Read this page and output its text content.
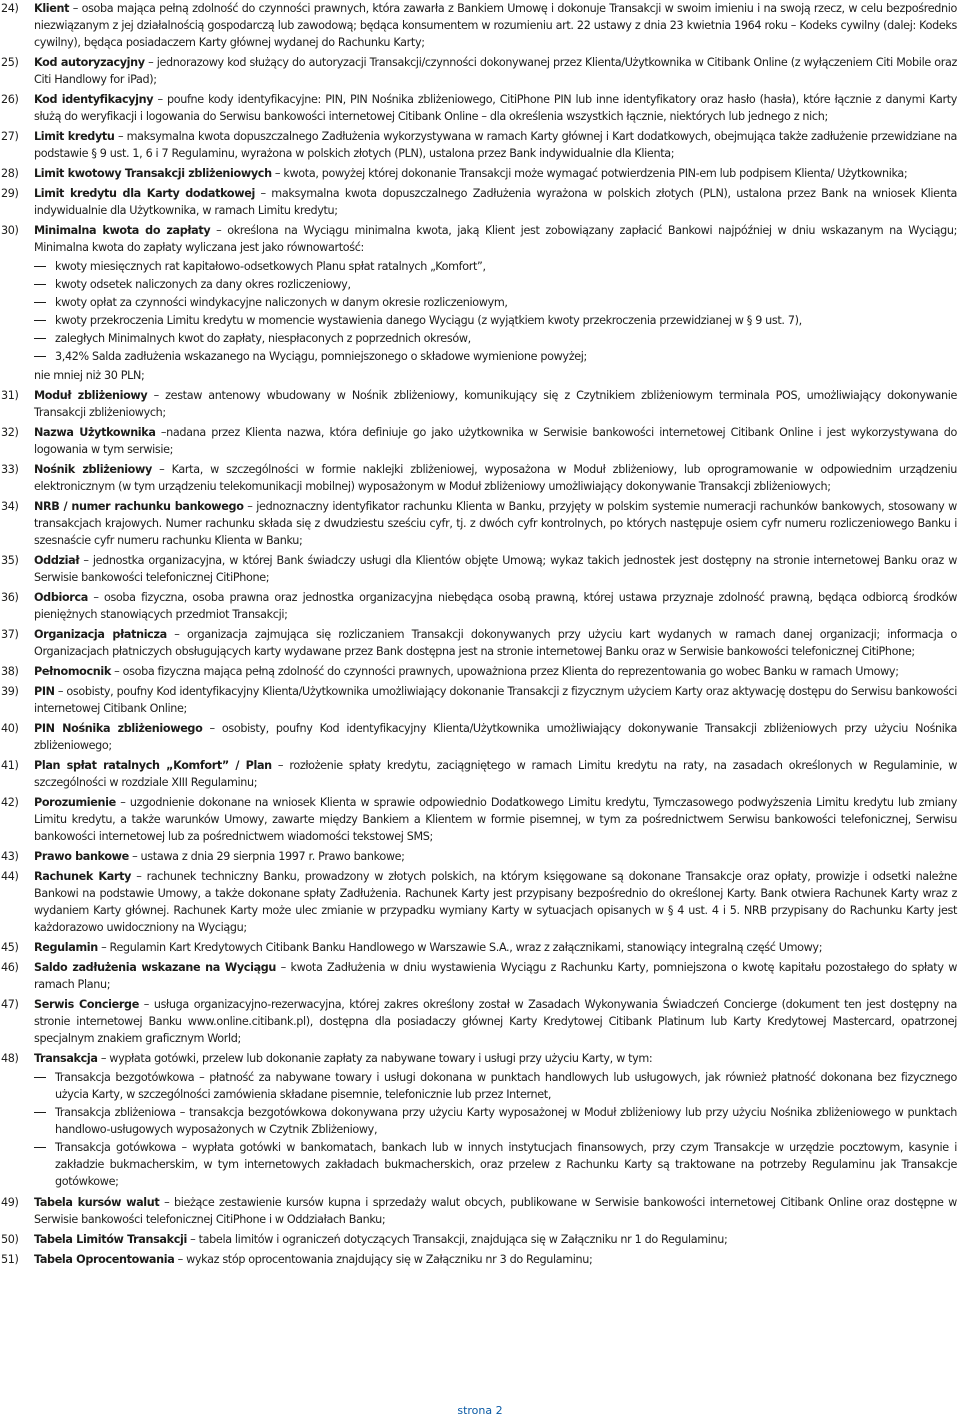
24)	Klient – osoba mająca pełną zdolność do czynności prawnych, która zawarła z Bankiem Umowę i dokonuje Transakcji w swoim imieniu i na swoją rzecz, w celu bezpośrednio niezwiązanym z jej działalnością gospodarczą lub zawodową; będąca konsumentem w rozumieniu art. 22 ustawy z dnia 23 kwietnia 1964 roku – Kodeks cywilny (dalej: Kodeks cywilny), będąca posiadaczem Karty głównej wydanej do Rachunku Karty;
25)	Kod autoryzacyjny – jednorazowy kod służący do autoryzacji Transakcji/czynności dokonywanej przez Klienta/Użytkownika w Citibank Online (z wyłączeniem Citi Mobile oraz Citi Handlowy for iPad);
26)	Kod identyfikacyjny – poufne kody identyfikacyjne: PIN, PIN Nośnika zbliżeniowego, CitiPhone PIN lub inne identyfikatory oraz hasło (hasła), które łącznie z danymi Karty służą do weryfikacji i logowania do Serwisu bankowości internetowej Citibank Online – dla określenia wszystkich łącznie, niektórych lub jednego z nich;
27)	Limit kredytu – maksymalna kwota dopuszczalnego Zadłużenia wykorzystywana w ramach Karty głównej i Kart dodatkowych, obejmująca także zadłużenie przewidziane na podstawie § 9 ust. 1, 6 i 7 Regulaminu, wyrażona w polskich złotych (PLN), ustalona przez Bank indywidualnie dla Klienta;
28)	Limit kwotowy Transakcji zbliżeniowych – kwota, powyżej której dokonanie Transakcji może wymagać potwierdzenia PIN-em lub podpisem Klienta/ Użytkownika;
29)	Limit kredytu dla Karty dodatkowej – maksymalna kwota dopuszczalnego Zadłużenia wyrażona w polskich złotych (PLN), ustalona przez Bank na wniosek Klienta indywidualnie dla Użytkownika, w ramach Limitu kredytu;
30)	Minimalna kwota do zapłaty – określona na Wyciągu minimalna kwota, jaką Klient jest zobowiązany zapłacić Bankowi najpóźniej w dniu wskazanym na Wyciągu; Minimalna kwota do zapłaty wyliczana jest jako równowartość:
kwoty miesięcznych rat kapitałowo-odsetkowych Planu spłat ratalnych „Komfort”,
kwoty odsetek naliczonych za dany okres rozliczeniowy,
kwoty opłat za czynności windykacyjne naliczonych w danym okresie rozliczeniowym,
kwoty przekroczenia Limitu kredytu w momencie wystawienia danego Wyciągu (z wyjątkiem kwoty przekroczenia przewidzianej w § 9 ust. 7),
zaległych Minimalnych kwot do zapłaty, niespłaconych z poprzednich okresów,
3,42% Salda zadłużenia wskazanego na Wyciągu, pomniejszonego o składowe wymienione powyżej;
nie mniej niż 30 PLN;
31)	Moduł zbliżeniowy – zestaw antenowy wbudowany w Nośnik zbliżeniowy, komunikujący się z Czytnikiem zbliżeniowym terminala POS, umożliwiający dokonywanie Transakcji zbliżeniowych;
32)	Nazwa Użytkownika –nadana przez Klienta nazwa, która definiuje go jako użytkownika w Serwisie bankowości internetowej Citibank Online i jest wykorzystywana do logowania w tym serwisie;
33)	Nośnik zbliżeniowy – Karta, w szczególności w formie naklejki zbliżeniowej, wyposażona w Moduł zbliżeniowy, lub oprogramowanie w odpowiednim urządzeniu elektronicznym (w tym urządzeniu telekomunikacji mobilnej) wyposażonym w Moduł zbliżeniowy umożliwiający dokonywanie Transakcji zbliżeniowych;
34)	NRB / numer rachunku bankowego – jednoznaczny identyfikator rachunku Klienta w Banku, przyjęty w polskim systemie numeracji rachunków bankowych, stosowany w transakcjach krajowych. Numer rachunku składa się z dwudziestu sześciu cyfr, tj. z dwóch cyfr kontrolnych, po których następuje osiem cyfr numeru rozliczeniowego Banku i szesnaście cyfr numeru rachunku Klienta w Banku;
35)	Oddział – jednostka organizacyjna, w której Bank świadczy usługi dla Klientów objęte Umową; wykaz takich jednostek jest dostępny na stronie internetowej Banku oraz w Serwisie bankowości telefonicznej CitiPhone;
36)	Odbiorca – osoba fizyczna, osoba prawna oraz jednostka organizacyjna niebędąca osobą prawną, której ustawa przyznaje zdolność prawną, będąca odbiorcą środków pieniężnych stanowiących przedmiot Transakcji;
37)	Organizacja płatnicza – organizacja zajmująca się rozliczaniem Transakcji dokonywanych przy użyciu kart wydanych w ramach danej organizacji; informacja o Organizacjach płatniczych obsługujących karty wydawane przez Bank dostępna jest na stronie internetowej Banku oraz w Serwisie bankowości telefonicznej CitiPhone;
38)	Pełnomocnik – osoba fizyczna mająca pełną zdolność do czynności prawnych, upoważniona przez Klienta do reprezentowania go wobec Banku w ramach Umowy;
39)	PIN – osobisty, poufny Kod identyfikacyjny Klienta/Użytkownika umożliwiający dokonanie Transakcji z fizycznym użyciem Karty oraz aktywację dostępu do Serwisu bankowości internetowej Citibank Online;
40)	PIN Nośnika zbliżeniowego – osobisty, poufny Kod identyfikacyjny Klienta/Użytkownika umożliwiający dokonywanie Transakcji zbliżeniowych przy użyciu Nośnika zbliżeniowego;
41)	Plan spłat ratalnych „Komfort” / Plan – rozłożenie spłaty kredytu, zaciągniętego w ramach Limitu kredytu na raty, na zasadach określonych w Regulaminie, w szczególności w rozdziale XIII Regulaminu;
42)	Porozumienie – uzgodnienie dokonane na wniosek Klienta w sprawie odpowiednio Dodatkowego Limitu kredytu, Tymczasowego podwyższenia Limitu kredytu lub zmiany Limitu kredytu, a także warunków Umowy, zawarte między Bankiem a Klientem w formie pisemnej, w tym za pośrednictwem Serwisu bankowości telefonicznej, Serwisu bankowości internetowej lub za pośrednictwem wiadomości tekstowej SMS;
43)	Prawo bankowe – ustawa z dnia 29 sierpnia 1997 r. Prawo bankowe;
44)	Rachunek Karty – rachunek techniczny Banku, prowadzony w złotych polskich, na którym księgowane są dokonane Transakcje oraz opłaty, prowizje i odsetki należne Bankowi na podstawie Umowy, a także dokonane spłaty Zadłużenia. Rachunek Karty jest przypisany bezpośrednio do określonej Karty. Bank otwiera Rachunek Karty wraz z wydaniem Karty głównej. Rachunek Karty może ulec zmianie w przypadku wymiany Karty w sytuacjach opisanych w § 4 ust. 4 i 5. NRB przypisany do Rachunku Karty jest każdorazowo uwidoczniony na Wyciągu;
45)	Regulamin – Regulamin Kart Kredytowych Citibank Banku Handlowego w Warszawie S.A., wraz z załącznikami, stanowiący integralną część Umowy;
46)	Saldo zadłużenia wskazane na Wyciągu – kwota Zadłużenia w dniu wystawienia Wyciągu z Rachunku Karty, pomniejszona o kwotę kapitału pozostałego do spłaty w ramach Planu;
47)	Serwis Concierge – usługa organizacyjno-rezerwacyjna, której zakres określony został w Zasadach Wykonywania Świadczeń Concierge (dokument ten jest dostępny na stronie internetowej Banku www.online.citibank.pl), dostępna dla posiadaczy głównej Karty Kredytowej Citibank Platinum lub Karty Kredytowej Mastercard, opatrzonej specjalnym znakiem graficznym World;
48)	Transakcja – wypłata gotówki, przelew lub dokonanie zapłaty za nabywane towary i usługi przy użyciu Karty, w tym:
Transakcja bezgotówkowa – płatność za nabywane towary i usługi dokonana w punktach handlowych lub usługowych, jak również płatność dokonana bez fizycznego użycia Karty, w szczególności zamówienia składane pisemnie, telefonicznie lub przez Internet,
Transakcja zbliżeniowa – transakcja bezgotówkowa dokonywana przy użyciu Karty wyposażonej w Moduł zbliżeniowy lub przy użyciu Nośnika zbliżeniowego w punktach handlowo-usługowych wyposażonych w Czytnik Zbliżeniowy,
Transakcja gotówkowa – wypłata gotówki w bankomatach, bankach lub w innych instytucjach finansowych, przy czym Transakcje w urzędzie pocztowym, kasynie i zakładzie bukmacherskim, w tym internetowych zakładach bukmacherskich, oraz przelew z Rachunku Karty są traktowane na potrzeby Regulaminu jak Transakcje gotówkowe;
49)	Tabela kursów walut – bieżące zestawienie kursów kupna i sprzedaży walut obcych, publikowane w Serwisie bankowości internetowej Citibank Online oraz dostępne w Serwisie bankowości telefonicznej CitiPhone i w Oddziałach Banku;
50)	Tabela Limitów Transakcji – tabela limitów i ograniczeń dotyczących Transakcji, znajdująca się w Załączniku nr 1 do Regulaminu;
51)	Tabela Oprocentowania – wykaz stóp oprocentowania znajdujący się w Załączniku nr 3 do Regulaminu;
strona 2
